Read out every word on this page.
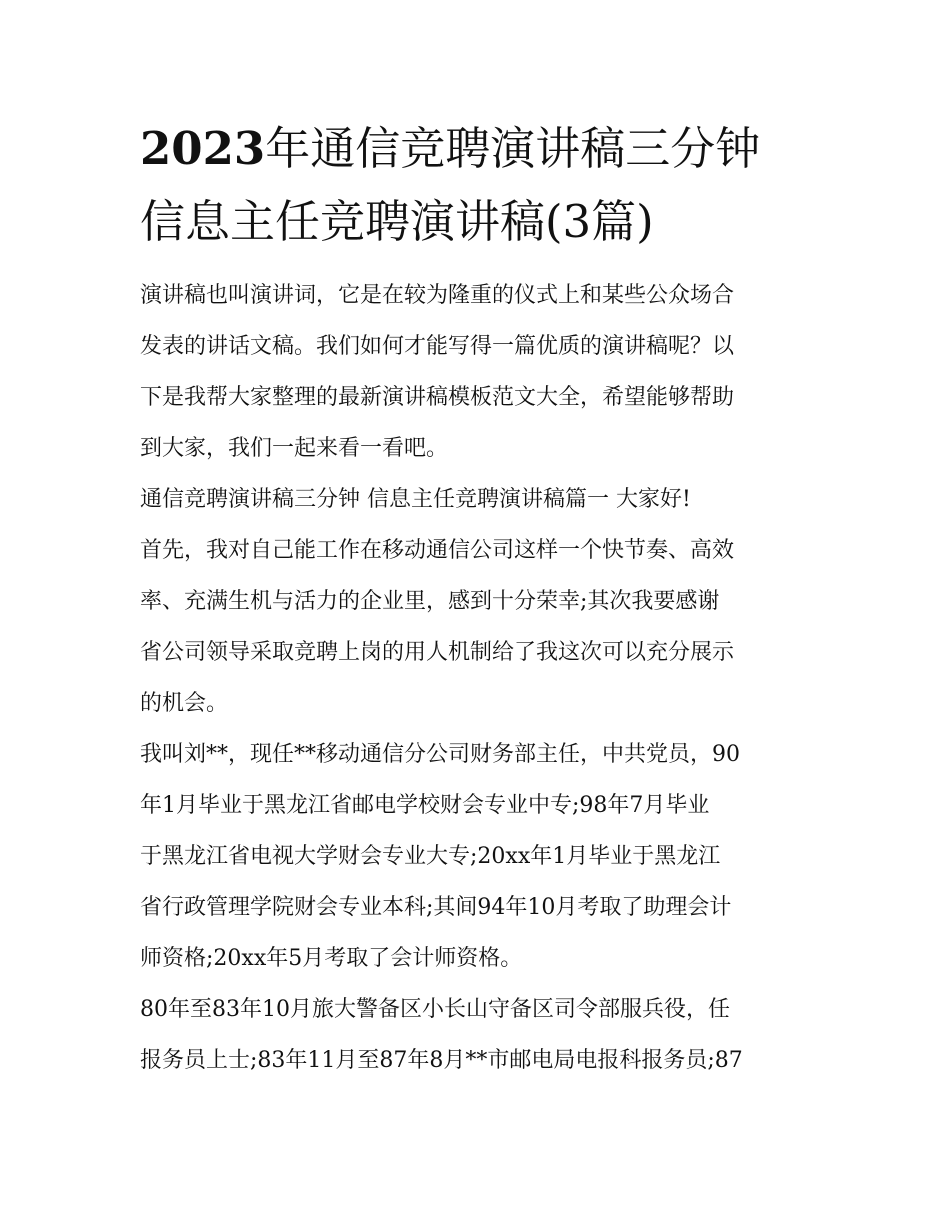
2023年通信竞聘演讲稿三分钟
信息主任竞聘演讲稿(3篇)

演讲稿也叫演讲词，它是在较为隆重的仪式上和某些公众场合
发表的讲话文稿。我们如何才能写得一篇优质的演讲稿呢？以
下是我帮大家整理的最新演讲稿模板范文大全，希望能够帮助
到大家，我们一起来看一看吧。

通信竞聘演讲稿三分钟 信息主任竞聘演讲稿篇一 大家好!

首先，我对自己能工作在移动通信公司这样一个快节奏、高效
率、充满生机与活力的企业里，感到十分荣幸;其次我要感谢
省公司领导采取竞聘上岗的用人机制给了我这次可以充分展示
的机会。

我叫刘**，现任**移动通信分公司财务部主任，中共党员，90
年1月毕业于黑龙江省邮电学校财会专业中专;98年7月毕业
于黑龙江省电视大学财会专业大专;20xx年1月毕业于黑龙江
省行政管理学院财会专业本科;其间94年10月考取了助理会计
师资格;20xx年5月考取了会计师资格。

80年至83年10月旅大警备区小长山守备区司令部服兵役，任
报务员上士;83年11月至87年8月**市邮电局电报科报务员;87
